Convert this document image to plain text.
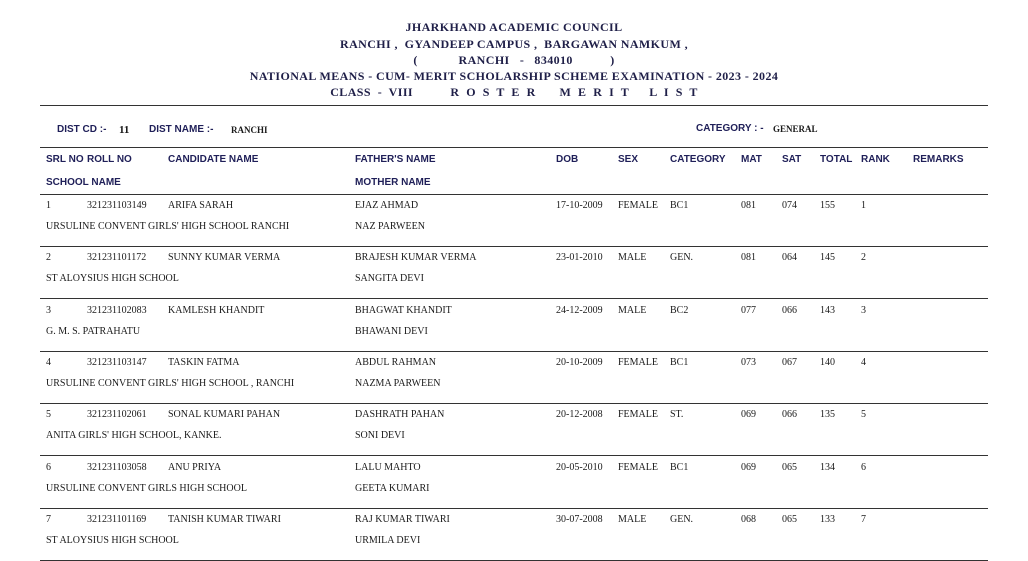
JHARKHAND ACADEMIC COUNCIL
RANCHI ,  GYANDEEP CAMPUS ,  BARGAWAN NAMKUM ,
(            RANCHI   -   834010           )
NATIONAL MEANS - CUM- MERIT SCHOLARSHIP SCHEME EXAMINATION - 2023 - 2024
CLASS  -  VIII           R  O  S  T  E  R       M  E  R  I  T      L  I  S  T
DIST CD :- 11 DIST NAME :- RANCHI	CATEGORY : - GENERAL
SRL NO ROLL NO	CANDIDATE NAME	FATHER'S NAME	DOB	SEX	CATEGORY MAT SAT TOTAL RANK REMARKS
SCHOOL NAME	MOTHER NAME
1	321231103149 ARIFA SARAH	EJAZ AHMAD	17-10-2009 FEMALE BC1	081	074 155	1
URSULINE CONVENT GIRLS' HIGH SCHOOL RANCHI	NAZ PARWEEN
2	321231101172 SUNNY KUMAR VERMA	BRAJESH KUMAR VERMA	23-01-2010 MALE GEN.	081	064 145	2
ST ALOYSIUS HIGH SCHOOL	SANGITA DEVI
3	321231102083 KAMLESH KHANDIT	BHAGWAT KHANDIT	24-12-2009 MALE BC2	077	066 143	3
G. M. S. PATRAHATU	BHAWANI DEVI
4	321231103147 TASKIN FATMA	ABDUL RAHMAN	20-10-2009 FEMALE BC1	073	067 140	4
URSULINE CONVENT GIRLS' HIGH SCHOOL , RANCHI	NAZMA PARWEEN
5	321231102061 SONAL KUMARI PAHAN	DASHRATH PAHAN	20-12-2008 FEMALE ST.	069	066 135	5
ANITA GIRLS' HIGH SCHOOL, KANKE.	SONI DEVI
6	321231103058 ANU PRIYA	LALU MAHTO	20-05-2010 FEMALE BC1	069	065 134	6
URSULINE CONVENT GIRLS HIGH SCHOOL	GEETA KUMARI
7	321231101169 TANISH KUMAR TIWARI	RAJ KUMAR TIWARI	30-07-2008 MALE GEN.	068	065 133	7
ST ALOYSIUS HIGH SCHOOL	URMILA DEVI
